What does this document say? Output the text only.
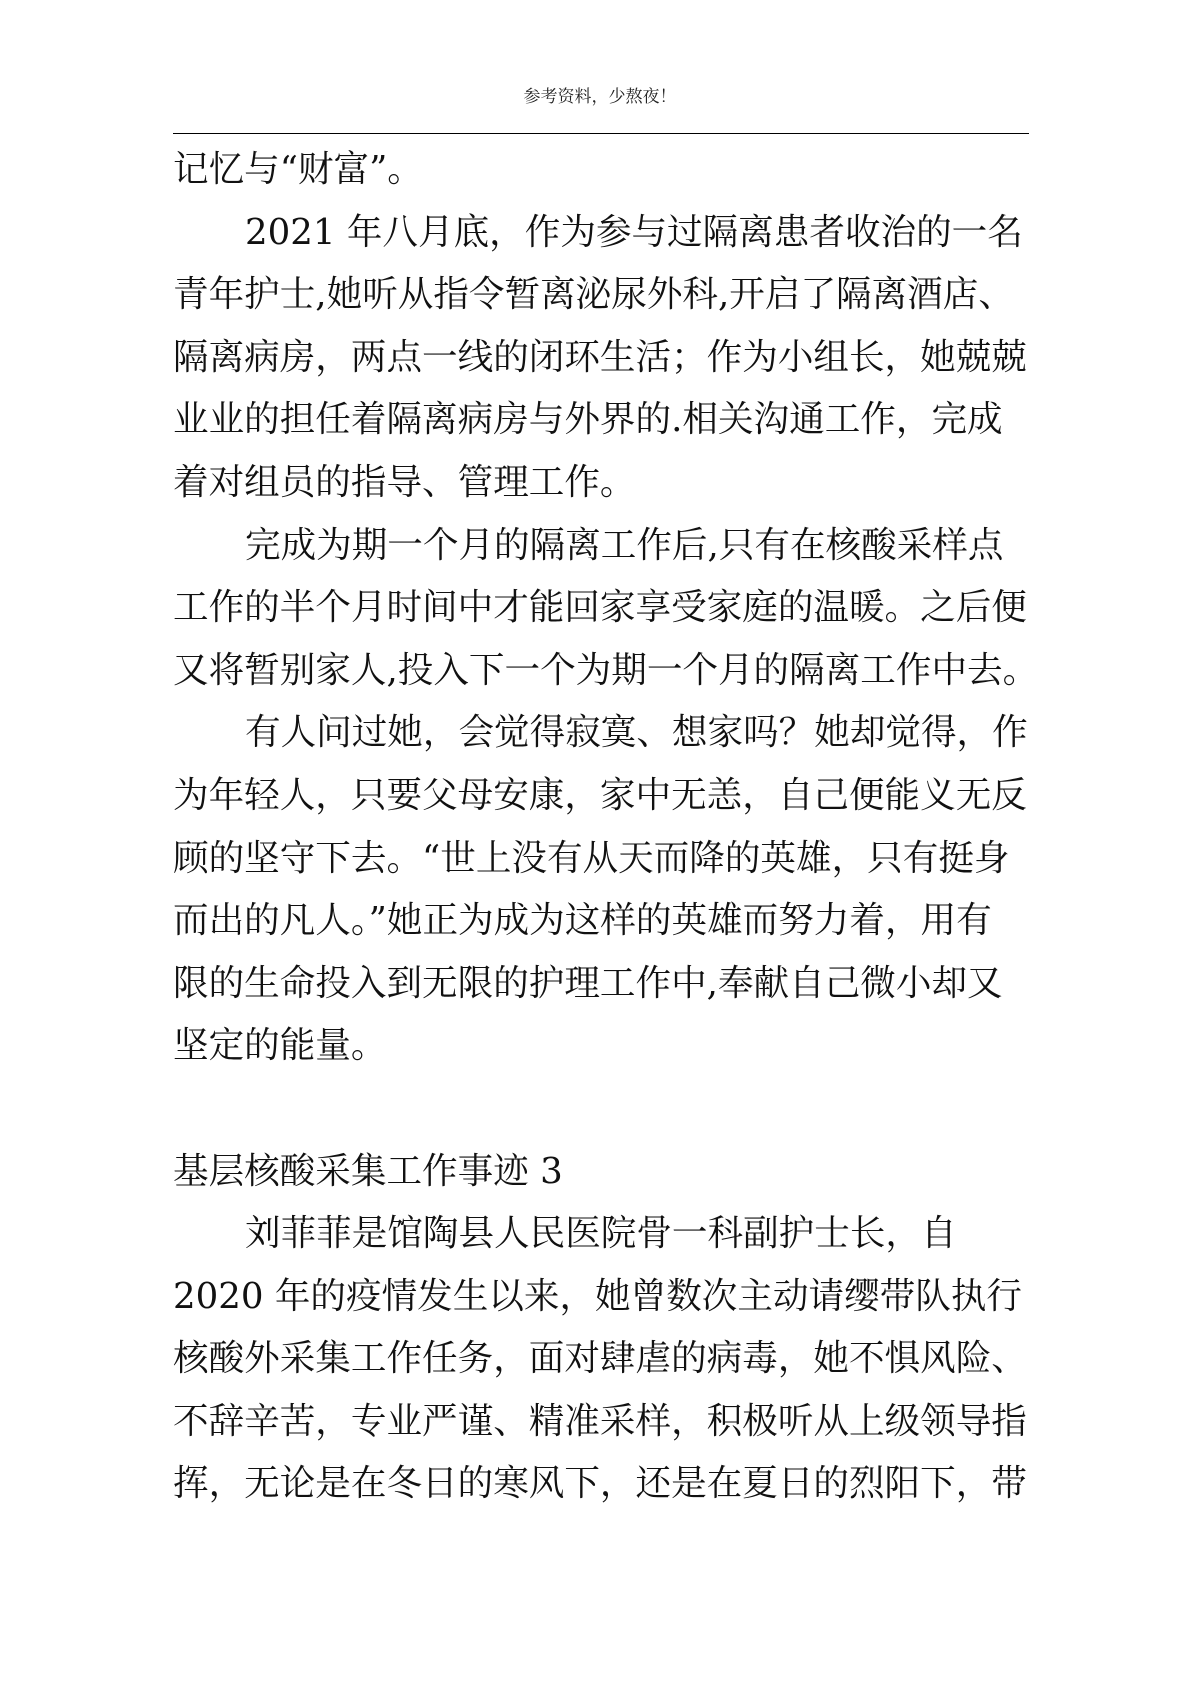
参考资料，少熬夜！
记忆与“财富”。
2021 年八月底，作为参与过隔离患者收治的一名
青年护士,她听从指令暂离泌尿外科,开启了隔离酒店、
隔离病房，两点一线的闭环生活；作为小组长，她兢兢
业业的担任着隔离病房与外界的.相关沟通工作，完成
着对组员的指导、管理工作。
完成为期一个月的隔离工作后,只有在核酸采样点
工作的半个月时间中才能回家享受家庭的温暖。之后便
又将暂别家人,投入下一个为期一个月的隔离工作中去。
有人问过她，会觉得寂寞、想家吗？她却觉得，作
为年轻人，只要父母安康，家中无恙，自己便能义无反
顾的坚守下去。“世上没有从天而降的英雄，只有挺身
而出的凡人。”她正为成为这样的英雄而努力着，用有
限的生命投入到无限的护理工作中,奉献自己微小却又
坚定的能量。
基层核酸采集工作事迹 3
刘菲菲是馆陶县人民医院骨一科副护士长，自
2020 年的疫情发生以来，她曾数次主动请缨带队执行
核酸外采集工作任务，面对肆虐的病毒，她不惧风险、
不辞辛苦，专业严谨、精准采样，积极听从上级领导指
挥，无论是在冬日的寒风下，还是在夏日的烈阳下，带
